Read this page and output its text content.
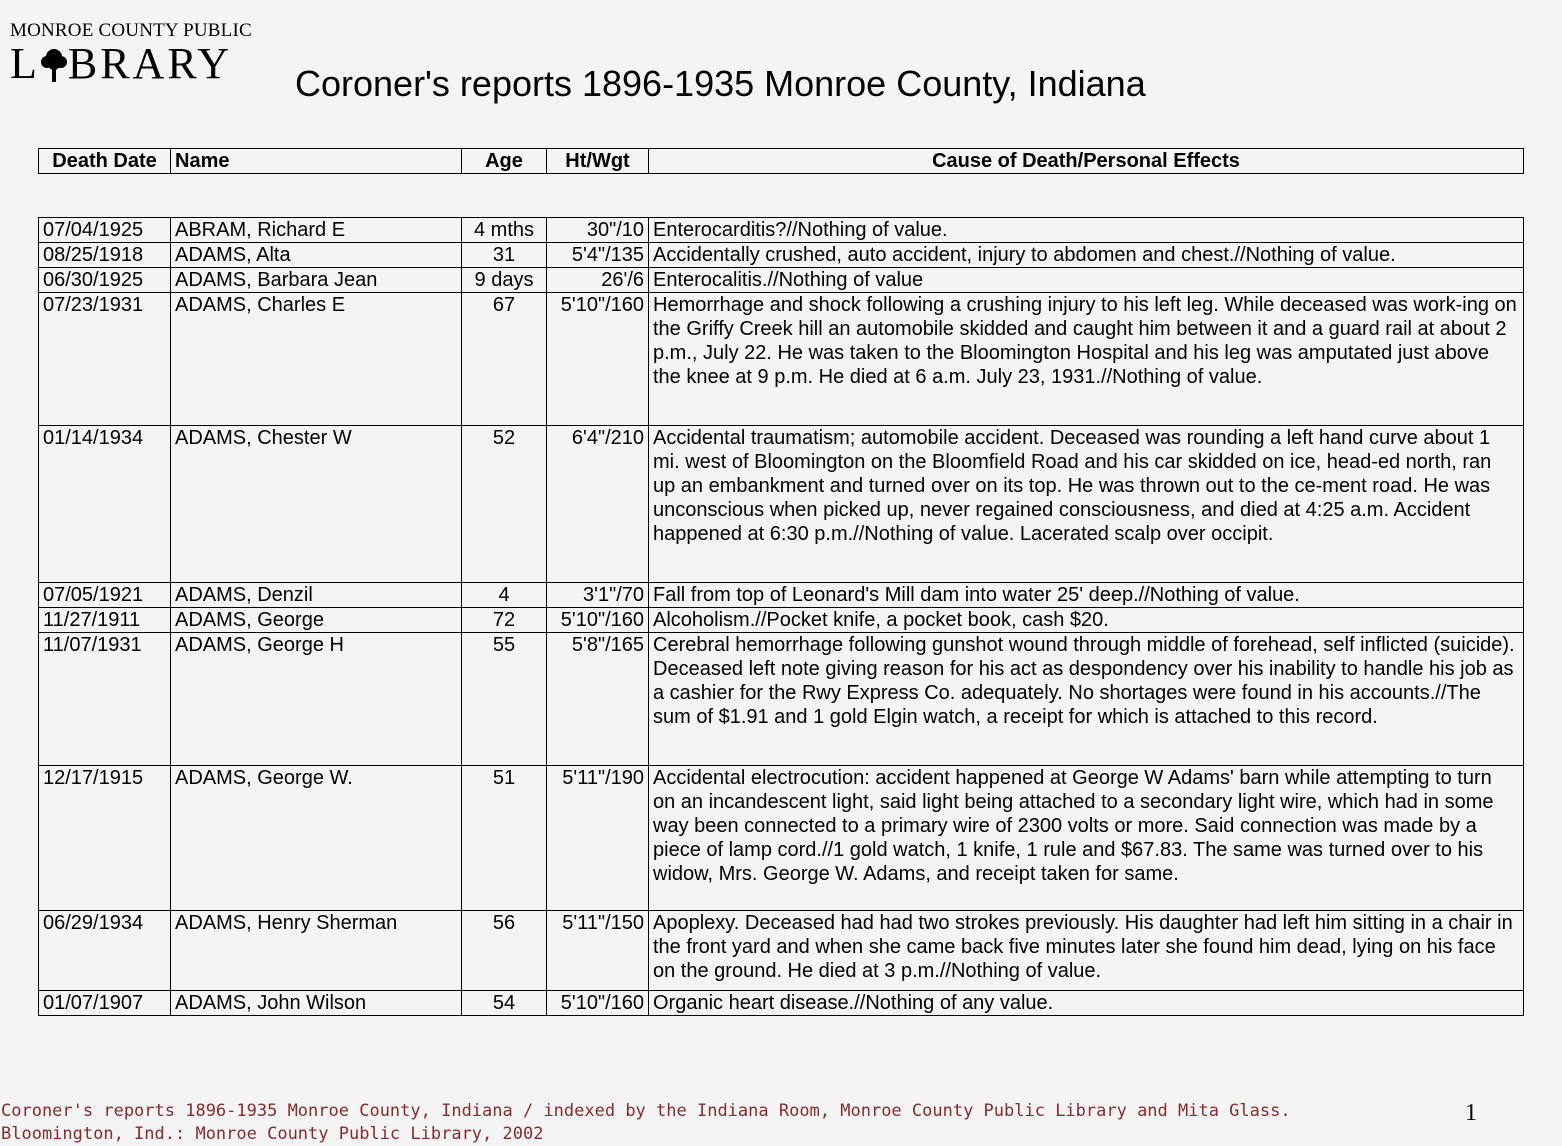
MONROE COUNTY PUBLIC
L BRARY Coroner's reports 1896-1935 Monroe County, Indiana
Death Date	Name	Age	Ht/Wgt	Cause of Death/Personal Effects
07/04/1925	ABRAM, Richard E	4 mths	30"/10	Enterocarditis?//Nothing of value.
08/25/1918	ADAMS, Alta	31	5'4"/135	Accidentally crushed, auto accident, injury to abdomen and chest.//Nothing of value.
06/30/1925	ADAMS, Barbara Jean	9 days	26'/6	Enterocalitis.//Nothing of value
07/23/1931	ADAMS, Charles E	67	5'10"/160	Hemorrhage and shock following a crushing injury to his left leg. While deceased was work-ing on the Griffy Creek hill an automobile skidded and caught him between it and a guard rail at about 2 p.m., July 22. He was taken to the Bloomington Hospital and his leg was amputated just above the knee at 9 p.m. He died at 6 a.m. July 23, 1931.//Nothing of value.
01/14/1934	ADAMS, Chester W	52	6'4"/210	Accidental traumatism; automobile accident. Deceased was rounding a left hand curve about 1 mi. west of Bloomington on the Bloomfield Road and his car skidded on ice, head-ed north, ran up an embankment and turned over on its top. He was thrown out to the ce-ment road. He was unconscious when picked up, never regained consciousness, and died at 4:25 a.m. Accident happened at 6:30 p.m.//Nothing of value. Lacerated scalp over occipit.
07/05/1921	ADAMS, Denzil	4	3'1"/70	Fall from top of Leonard's Mill dam into water 25' deep.//Nothing of value.
11/27/1911	ADAMS, George	72	5'10"/160	Alcoholism.//Pocket knife, a pocket book, cash $20.
11/07/1931	ADAMS, George H	55	5'8"/165	Cerebral hemorrhage following gunshot wound through middle of forehead, self inflicted (suicide). Deceased left note giving reason for his act as despondency over his inability to handle his job as a cashier for the Rwy Express Co. adequately. No shortages were found in his accounts.//The sum of $1.91 and 1 gold Elgin watch, a receipt for which is attached to this record.
12/17/1915	ADAMS, George W.	51	5'11"/190	Accidental electrocution: accident happened at George W Adams' barn while attempting to turn on an incandescent light, said light being attached to a secondary light wire, which had in some way been connected to a primary wire of 2300 volts or more. Said connection was made by a piece of lamp cord.//1 gold watch, 1 knife, 1 rule and $67.83. The same was turned over to his widow, Mrs. George W. Adams, and receipt taken for same.
06/29/1934	ADAMS, Henry Sherman	56	5'11"/150	Apoplexy. Deceased had had two strokes previously. His daughter had left him sitting in a chair in the front yard and when she came back five minutes later she found him dead, lying on his face on the ground. He died at 3 p.m.//Nothing of value.
01/07/1907	ADAMS, John Wilson	54	5'10"/160	Organic heart disease.//Nothing of any value.
Coroner's reports 1896-1935 Monroe County, Indiana / indexed by the Indiana Room, Monroe County Public Library and Mita Glass.
Bloomington, Ind.: Monroe County Public Library, 2002
1
